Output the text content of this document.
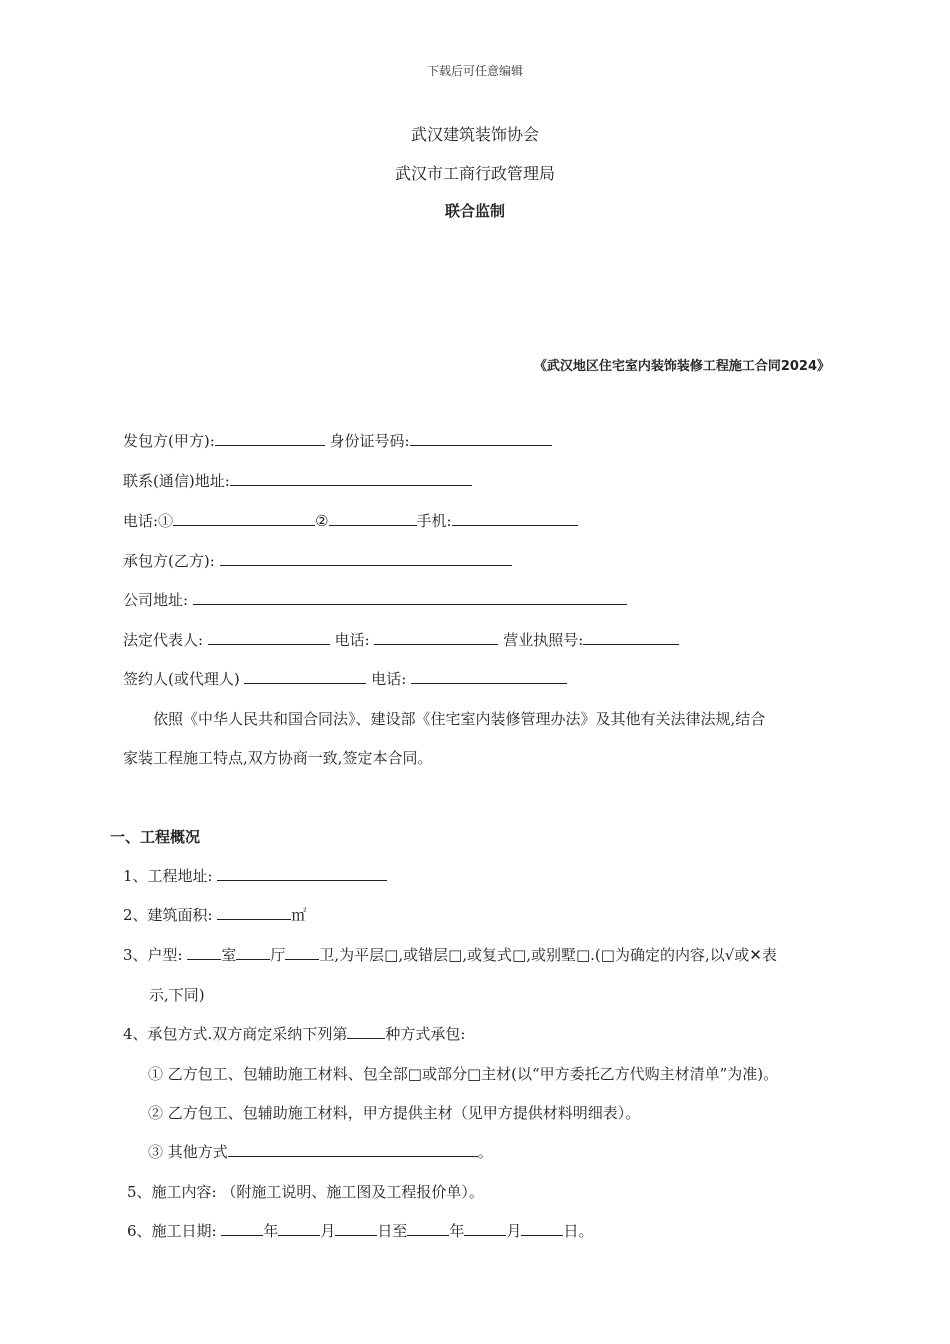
下载后可任意编辑
武汉建筑装饰协会
武汉市工商行政管理局
联合监制
《武汉地区住宅室内装饰装修工程施工合同2024》
发包方(甲方):	身份证号码:
联系(通信)地址:
电话:①	②	手机:
承包方(乙方):
公司地址:
法定代表人:	电话:	营业执照号:
签约人(或代理人)	电话:
依照《中华人民共和国合同法》、建设部《住宅室内装修管理办法》及其他有关法律法规,结合
家装工程施工特点,双方协商一致,签定本合同。
一、工程概况
1、工程地址:
2、建筑面积:	㎡
3、户型: 室 厅 卫,为平层□,或错层□,或复式□,或别墅□.(□为确定的内容,以√或✕表
示,下同)
4、承包方式.双方商定采纳下列第	种方式承包:
① 乙方包工、包辅助施工材料、包全部□或部分□主材(以“甲方委托乙方代购主材清单”为准)。
② 乙方包工、包辅助施工材料，甲方提供主材（见甲方提供材料明细表）。
③ 其他方式	。
5、施工内容: （附施工说明、施工图及工程报价单）。
6、施工日期:	年	月	日至	年	月	日。
